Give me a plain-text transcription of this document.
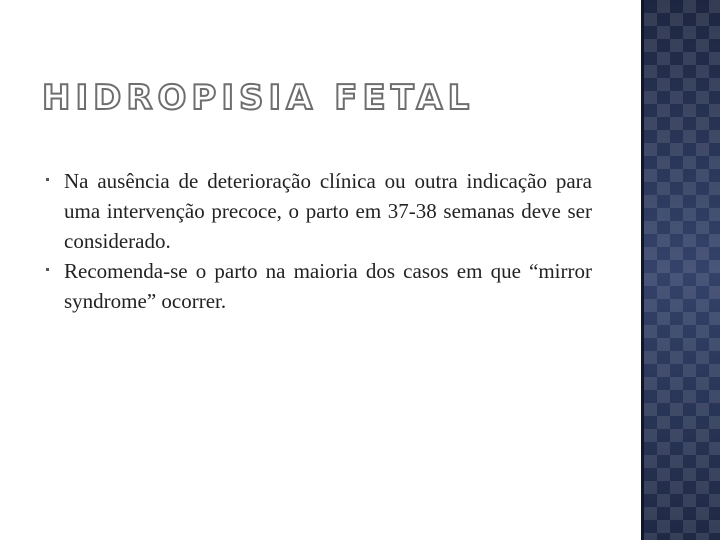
HIDROPISIA FETAL
Na ausência de deterioração clínica ou outra indicação para uma intervenção precoce, o parto em 37-38 semanas deve ser considerado.
Recomenda-se o parto na maioria dos casos em que “mirror syndrome” ocorrer.
